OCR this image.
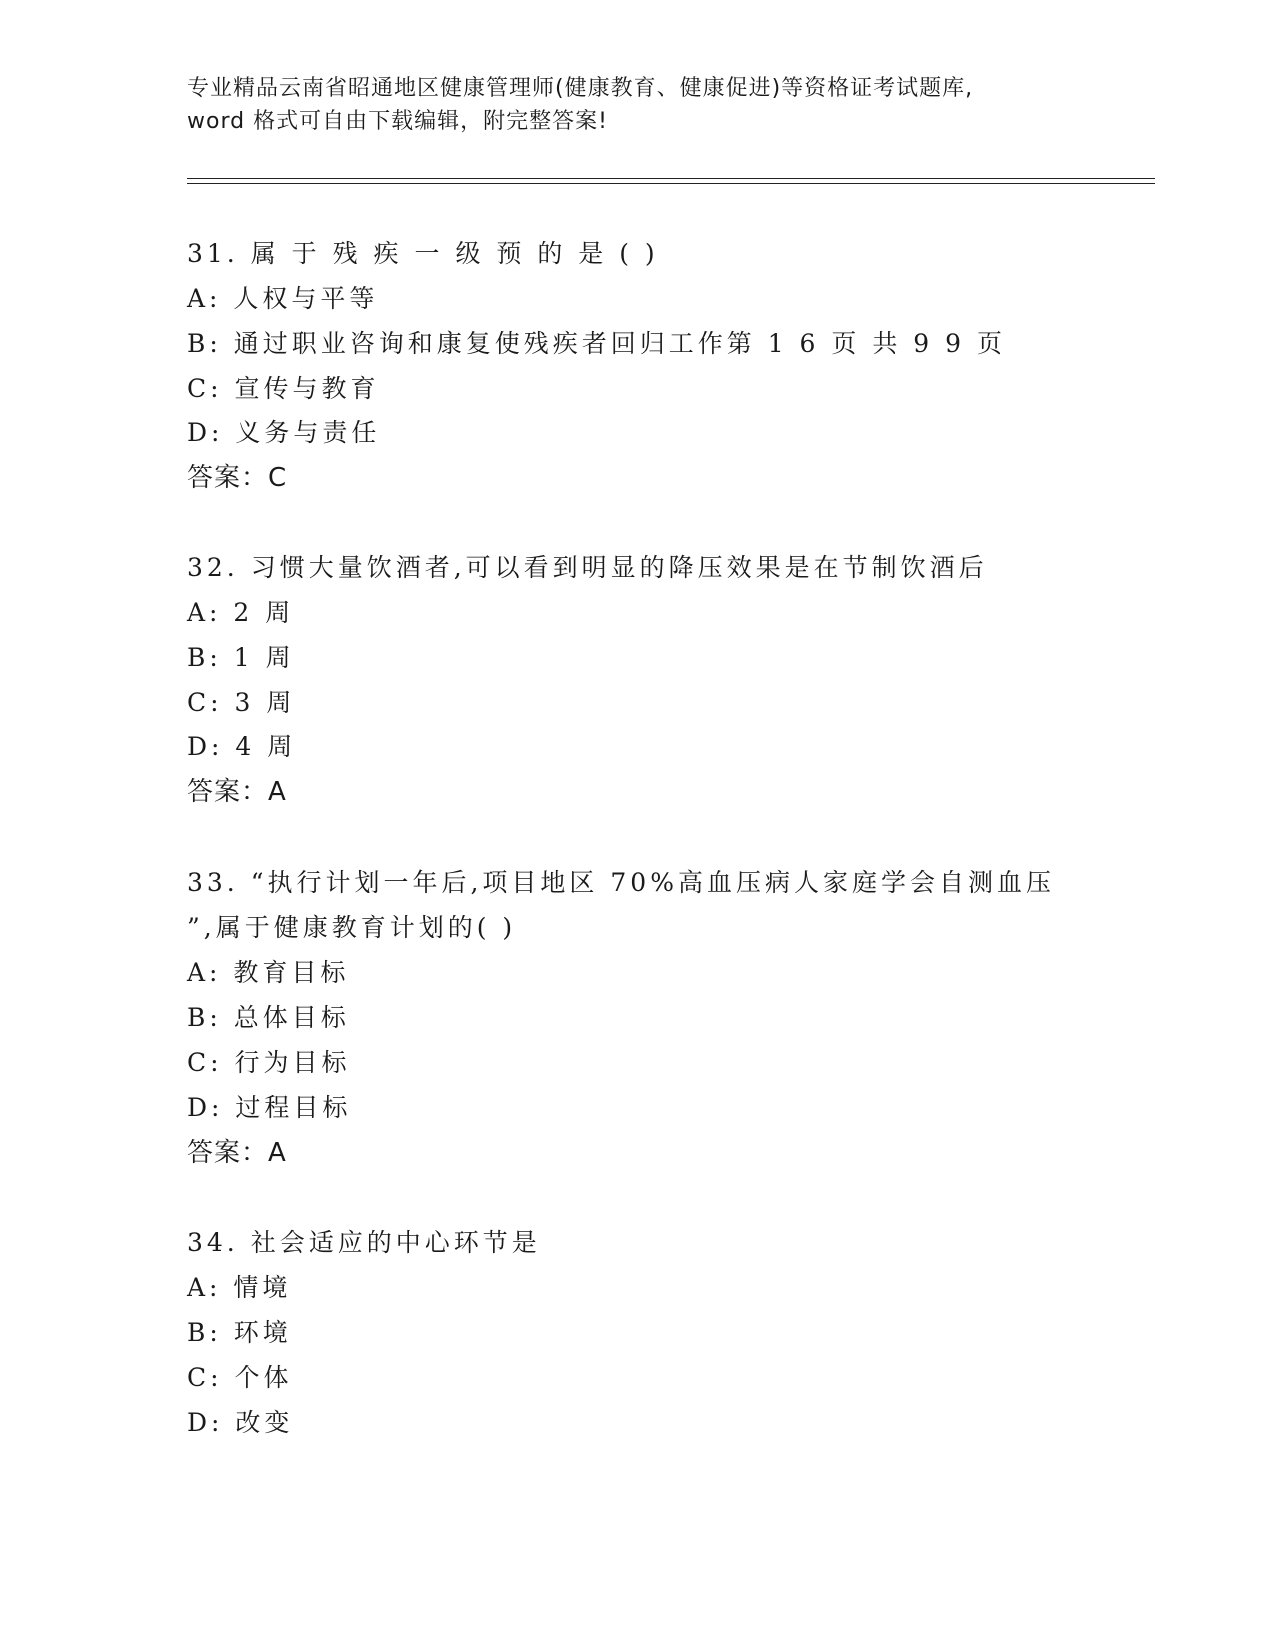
专业精品云南省昭通地区健康管理师(健康教育、健康促进)等资格证考试题库,
word 格式可自由下载编辑，附完整答案!
31. 属 于 残 疾 一 级 预 的 是 ( )
A: 人权与平等
B: 通过职业咨询和康复使残疾者回归工作第 1 6 页 共 9 9 页
C: 宣传与教育
D: 义务与责任
答案：C
32. 习惯大量饮酒者,可以看到明显的降压效果是在节制饮酒后
A: 2 周
B: 1 周
C: 3 周
D: 4 周
答案：A
33. “执行计划一年后,项目地区 70%高血压病人家庭学会自测血压
”,属于健康教育计划的( )
A: 教育目标
B: 总体目标
C: 行为目标
D: 过程目标
答案：A
34. 社会适应的中心环节是
A: 情境
B: 环境
C: 个体
D: 改变
